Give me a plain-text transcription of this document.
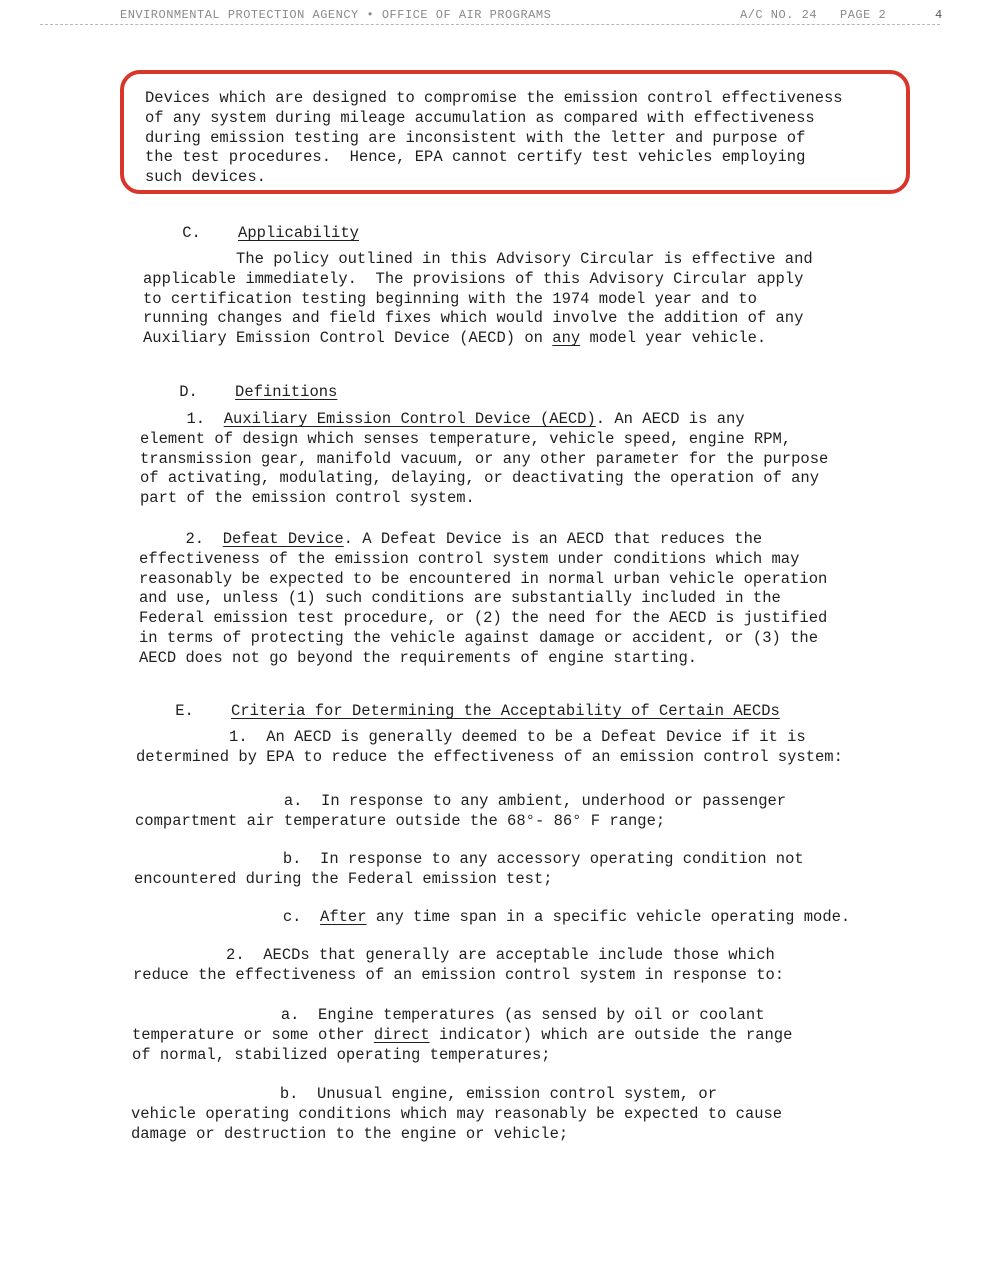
ENVIRONMENTAL PROTECTION AGENCY • OFFICE OF AIR PROGRAMS	A/C NO. 24 PAGE 2	4

Devices which are designed to compromise the emission control effectiveness

of any system during mileage accumulation as compared with effectiveness

during emission testing are inconsistent with the letter and purpose of

the test procedures.  Hence, EPA cannot certify test vehicles employing

such devices.

C. Applicability

The policy outlined in this Advisory Circular is effective and

applicable immediately.  The provisions of this Advisory Circular apply

to certification testing beginning with the 1974 model year and to

running changes and field fixes which would involve the addition of any

Auxiliary Emission Control Device (AECD) on any model year vehicle.

D. Definitions

1.  Auxiliary Emission Control Device (AECD). An AECD is any

element of design which senses temperature, vehicle speed, engine RPM,

transmission gear, manifold vacuum, or any other parameter for the purpose

of activating, modulating, delaying, or deactivating the operation of any

part of the emission control system.

2.  Defeat Device. A Defeat Device is an AECD that reduces the

effectiveness of the emission control system under conditions which may

reasonably be expected to be encountered in normal urban vehicle operation

and use, unless (1) such conditions are substantially included in the

Federal emission test procedure, or (2) the need for the AECD is justified

in terms of protecting the vehicle against damage or accident, or (3) the

AECD does not go beyond the requirements of engine starting.

E. Criteria for Determining the Acceptability of Certain AECDs

1.  An AECD is generally deemed to be a Defeat Device if it is

determined by EPA to reduce the effectiveness of an emission control system:

a.  In response to any ambient, underhood or passenger

compartment air temperature outside the 68°- 86° F range;

b.  In response to any accessory operating condition not

encountered during the Federal emission test;

c.  After any time span in a specific vehicle operating mode.

2.  AECDs that generally are acceptable include those which

reduce the effectiveness of an emission control system in response to:

a.  Engine temperatures (as sensed by oil or coolant

temperature or some other direct indicator) which are outside the range

of normal, stabilized operating temperatures;

b.  Unusual engine, emission control system, or

vehicle operating conditions which may reasonably be expected to cause

damage or destruction to the engine or vehicle;
